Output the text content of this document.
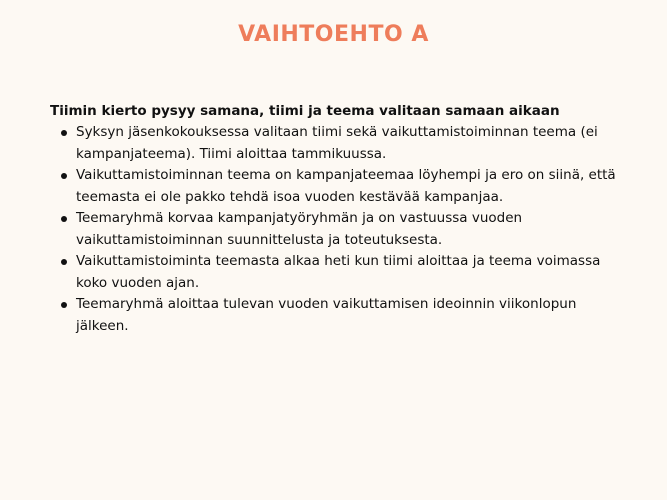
VAIHTOEHTO A

Tiimin kierto pysyy samana, tiimi ja teema valitaan samaan aikaan

Syksyn jäsenkokouksessa valitaan tiimi sekä vaikuttamistoiminnan teema (ei kampanjateema). Tiimi aloittaa tammikuussa.
Vaikuttamistoiminnan teema on kampanjateemaa löyhempi ja ero on siinä, että teemasta ei ole pakko tehdä isoa vuoden kestävää kampanjaa.
Teemaryhmä korvaa kampanjatyöryhmän ja on vastuussa vuoden vaikuttamistoiminnan suunnittelusta ja toteutuksesta.
Vaikuttamistoiminta teemasta alkaa heti kun tiimi aloittaa ja teema voimassa koko vuoden ajan.
Teemaryhmä aloittaa tulevan vuoden vaikuttamisen ideoinnin viikonlopun jälkeen.
